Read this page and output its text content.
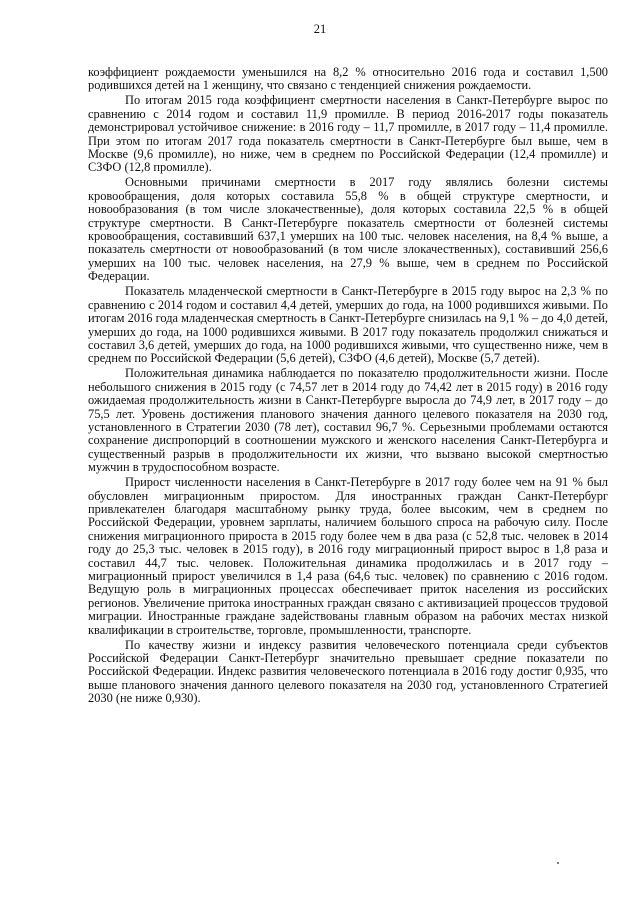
21

коэффициент рождаемости уменьшился на 8,2 % относительно 2016 года и составил 1,500 родившихся детей на 1 женщину, что связано с тенденцией снижения рождаемости.

По итогам 2015 года коэффициент смертности населения в Санкт-Петербурге вырос по сравнению с 2014 годом и составил 11,9 промилле. В период 2016-2017 годы показатель демонстрировал устойчивое снижение: в 2016 году – 11,7 промилле, в 2017 году – 11,4 промилле. При этом по итогам 2017 года показатель смертности в Санкт-Петербурге был выше, чем в Москве (9,6 промилле), но ниже, чем в среднем по Российской Федерации (12,4 промилле) и СЗФО (12,8 промилле).

Основными причинами смертности в 2017 году являлись болезни системы кровообращения, доля которых составила 55,8 % в общей структуре смертности, и новообразования (в том числе злокачественные), доля которых составила 22,5 % в общей структуре смертности. В Санкт-Петербурге показатель смертности от болезней системы кровообращения, составивший 637,1 умерших на 100 тыс. человек населения, на 8,4 % выше, а показатель смертности от новообразований (в том числе злокачественных), составивший 256,6 умерших на 100 тыс. человек населения, на 27,9 % выше, чем в среднем по Российской Федерации.

Показатель младенческой смертности в Санкт-Петербурге в 2015 году вырос на 2,3 % по сравнению с 2014 годом и составил 4,4 детей, умерших до года, на 1000 родившихся живыми. По итогам 2016 года младенческая смертность в Санкт-Петербурге снизилась на 9,1 % – до 4,0 детей, умерших до года, на 1000 родившихся живыми. В 2017 году показатель продолжил снижаться и составил 3,6 детей, умерших до года, на 1000 родившихся живыми, что существенно ниже, чем в среднем по Российской Федерации (5,6 детей), СЗФО (4,6 детей), Москве (5,7 детей).

Положительная динамика наблюдается по показателю продолжительности жизни. После небольшого снижения в 2015 году (с 74,57 лет в 2014 году до 74,42 лет в 2015 году) в 2016 году ожидаемая продолжительность жизни в Санкт-Петербурге выросла до 74,9 лет, в 2017 году – до 75,5 лет. Уровень достижения планового значения данного целевого показателя на 2030 год, установленного в Стратегии 2030 (78 лет), составил 96,7 %. Серьезными проблемами остаются сохранение диспропорций в соотношении мужского и женского населения Санкт-Петербурга и существенный разрыв в продолжительности их жизни, что вызвано высокой смертностью мужчин в трудоспособном возрасте.

Прирост численности населения в Санкт-Петербурге в 2017 году более чем на 91 % был обусловлен миграционным приростом. Для иностранных граждан Санкт-Петербург привлекателен благодаря масштабному рынку труда, более высоким, чем в среднем по Российской Федерации, уровнем зарплаты, наличием большого спроса на рабочую силу. После снижения миграционного прироста в 2015 году более чем в два раза (с 52,8 тыс. человек в 2014 году до 25,3 тыс. человек в 2015 году), в 2016 году миграционный прирост вырос в 1,8 раза и составил 44,7 тыс. человек. Положительная динамика продолжилась и в 2017 году – миграционный прирост увеличился в 1,4 раза (64,6 тыс. человек) по сравнению с 2016 годом. Ведущую роль в миграционных процессах обеспечивает приток населения из российских регионов. Увеличение притока иностранных граждан связано с активизацией процессов трудовой миграции. Иностранные граждане задействованы главным образом на рабочих местах низкой квалификации в строительстве, торговле, промышленности, транспорте.

По качеству жизни и индексу развития человеческого потенциала среди субъектов Российской Федерации Санкт-Петербург значительно превышает средние показатели по Российской Федерации. Индекс развития человеческого потенциала в 2016 году достиг 0,935, что выше планового значения данного целевого показателя на 2030 год, установленного Стратегией 2030 (не ниже 0,930).
